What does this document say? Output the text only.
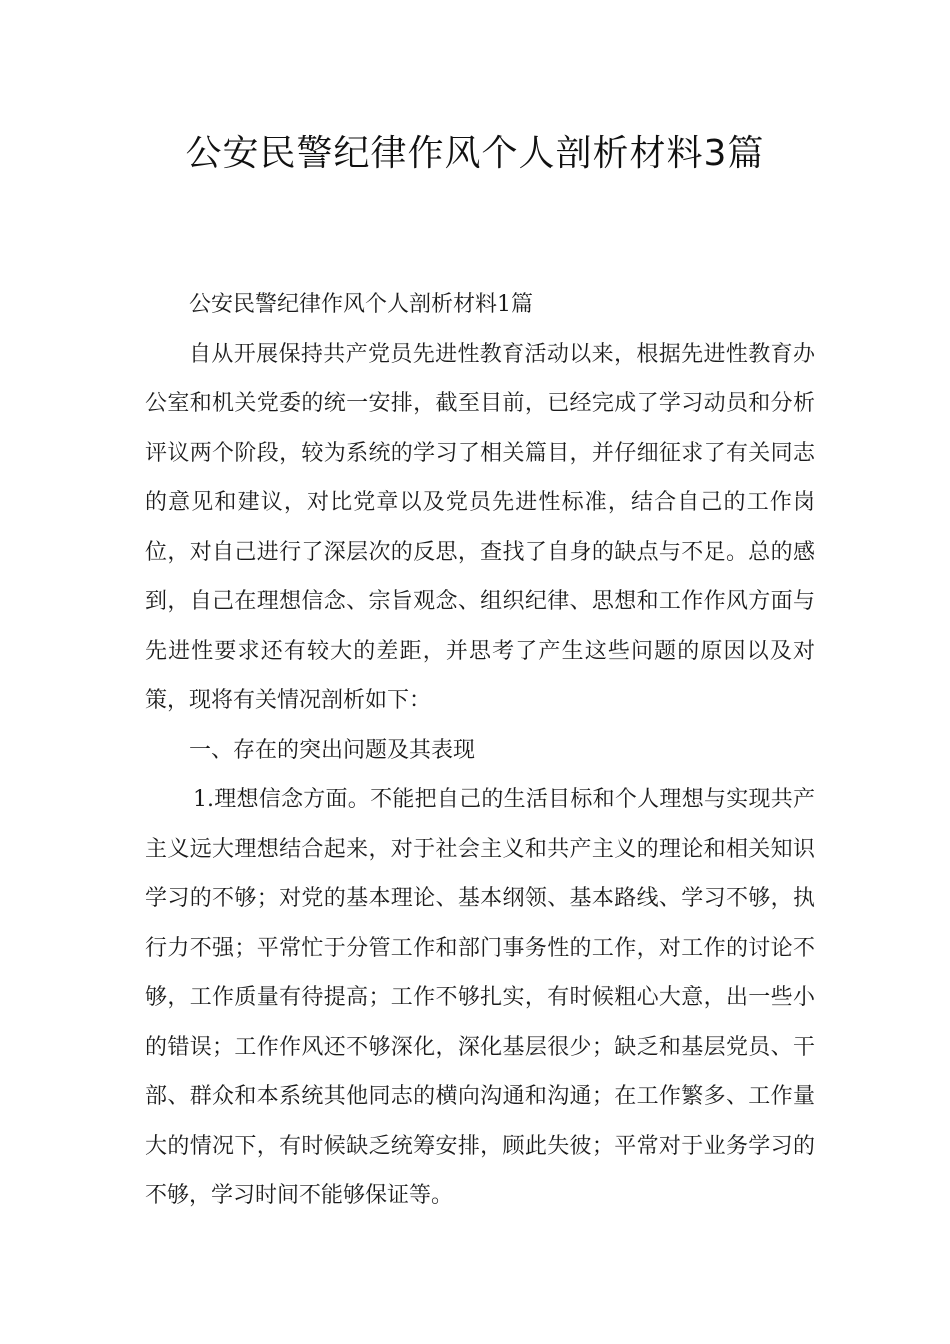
公安民警纪律作风个人剖析材料3篇

公安民警纪律作风个人剖析材料1篇

自从开展保持共产党员先进性教育活动以来，根据先进性教育办公室和机关党委的统一安排，截至目前，已经完成了学习动员和分析评议两个阶段，较为系统的学习了相关篇目，并仔细征求了有关同志的意见和建议，对比党章以及党员先进性标准，结合自己的工作岗位，对自己进行了深层次的反思，查找了自身的缺点与不足。总的感到，自己在理想信念、宗旨观念、组织纪律、思想和工作作风方面与先进性要求还有较大的差距，并思考了产生这些问题的原因以及对策，现将有关情况剖析如下：

一、存在的突出问题及其表现

1.理想信念方面。不能把自己的生活目标和个人理想与实现共产主义远大理想结合起来，对于社会主义和共产主义的理论和相关知识学习的不够；对党的基本理论、基本纲领、基本路线、学习不够，执行力不强；平常忙于分管工作和部门事务性的工作，对工作的讨论不够，工作质量有待提高；工作不够扎实，有时候粗心大意，出一些小的错误；工作作风还不够深化，深化基层很少；缺乏和基层党员、干部、群众和本系统其他同志的横向沟通和沟通；在工作繁多、工作量大的情况下，有时候缺乏统筹安排，顾此失彼；平常对于业务学习的不够，学习时间不能够保证等。
